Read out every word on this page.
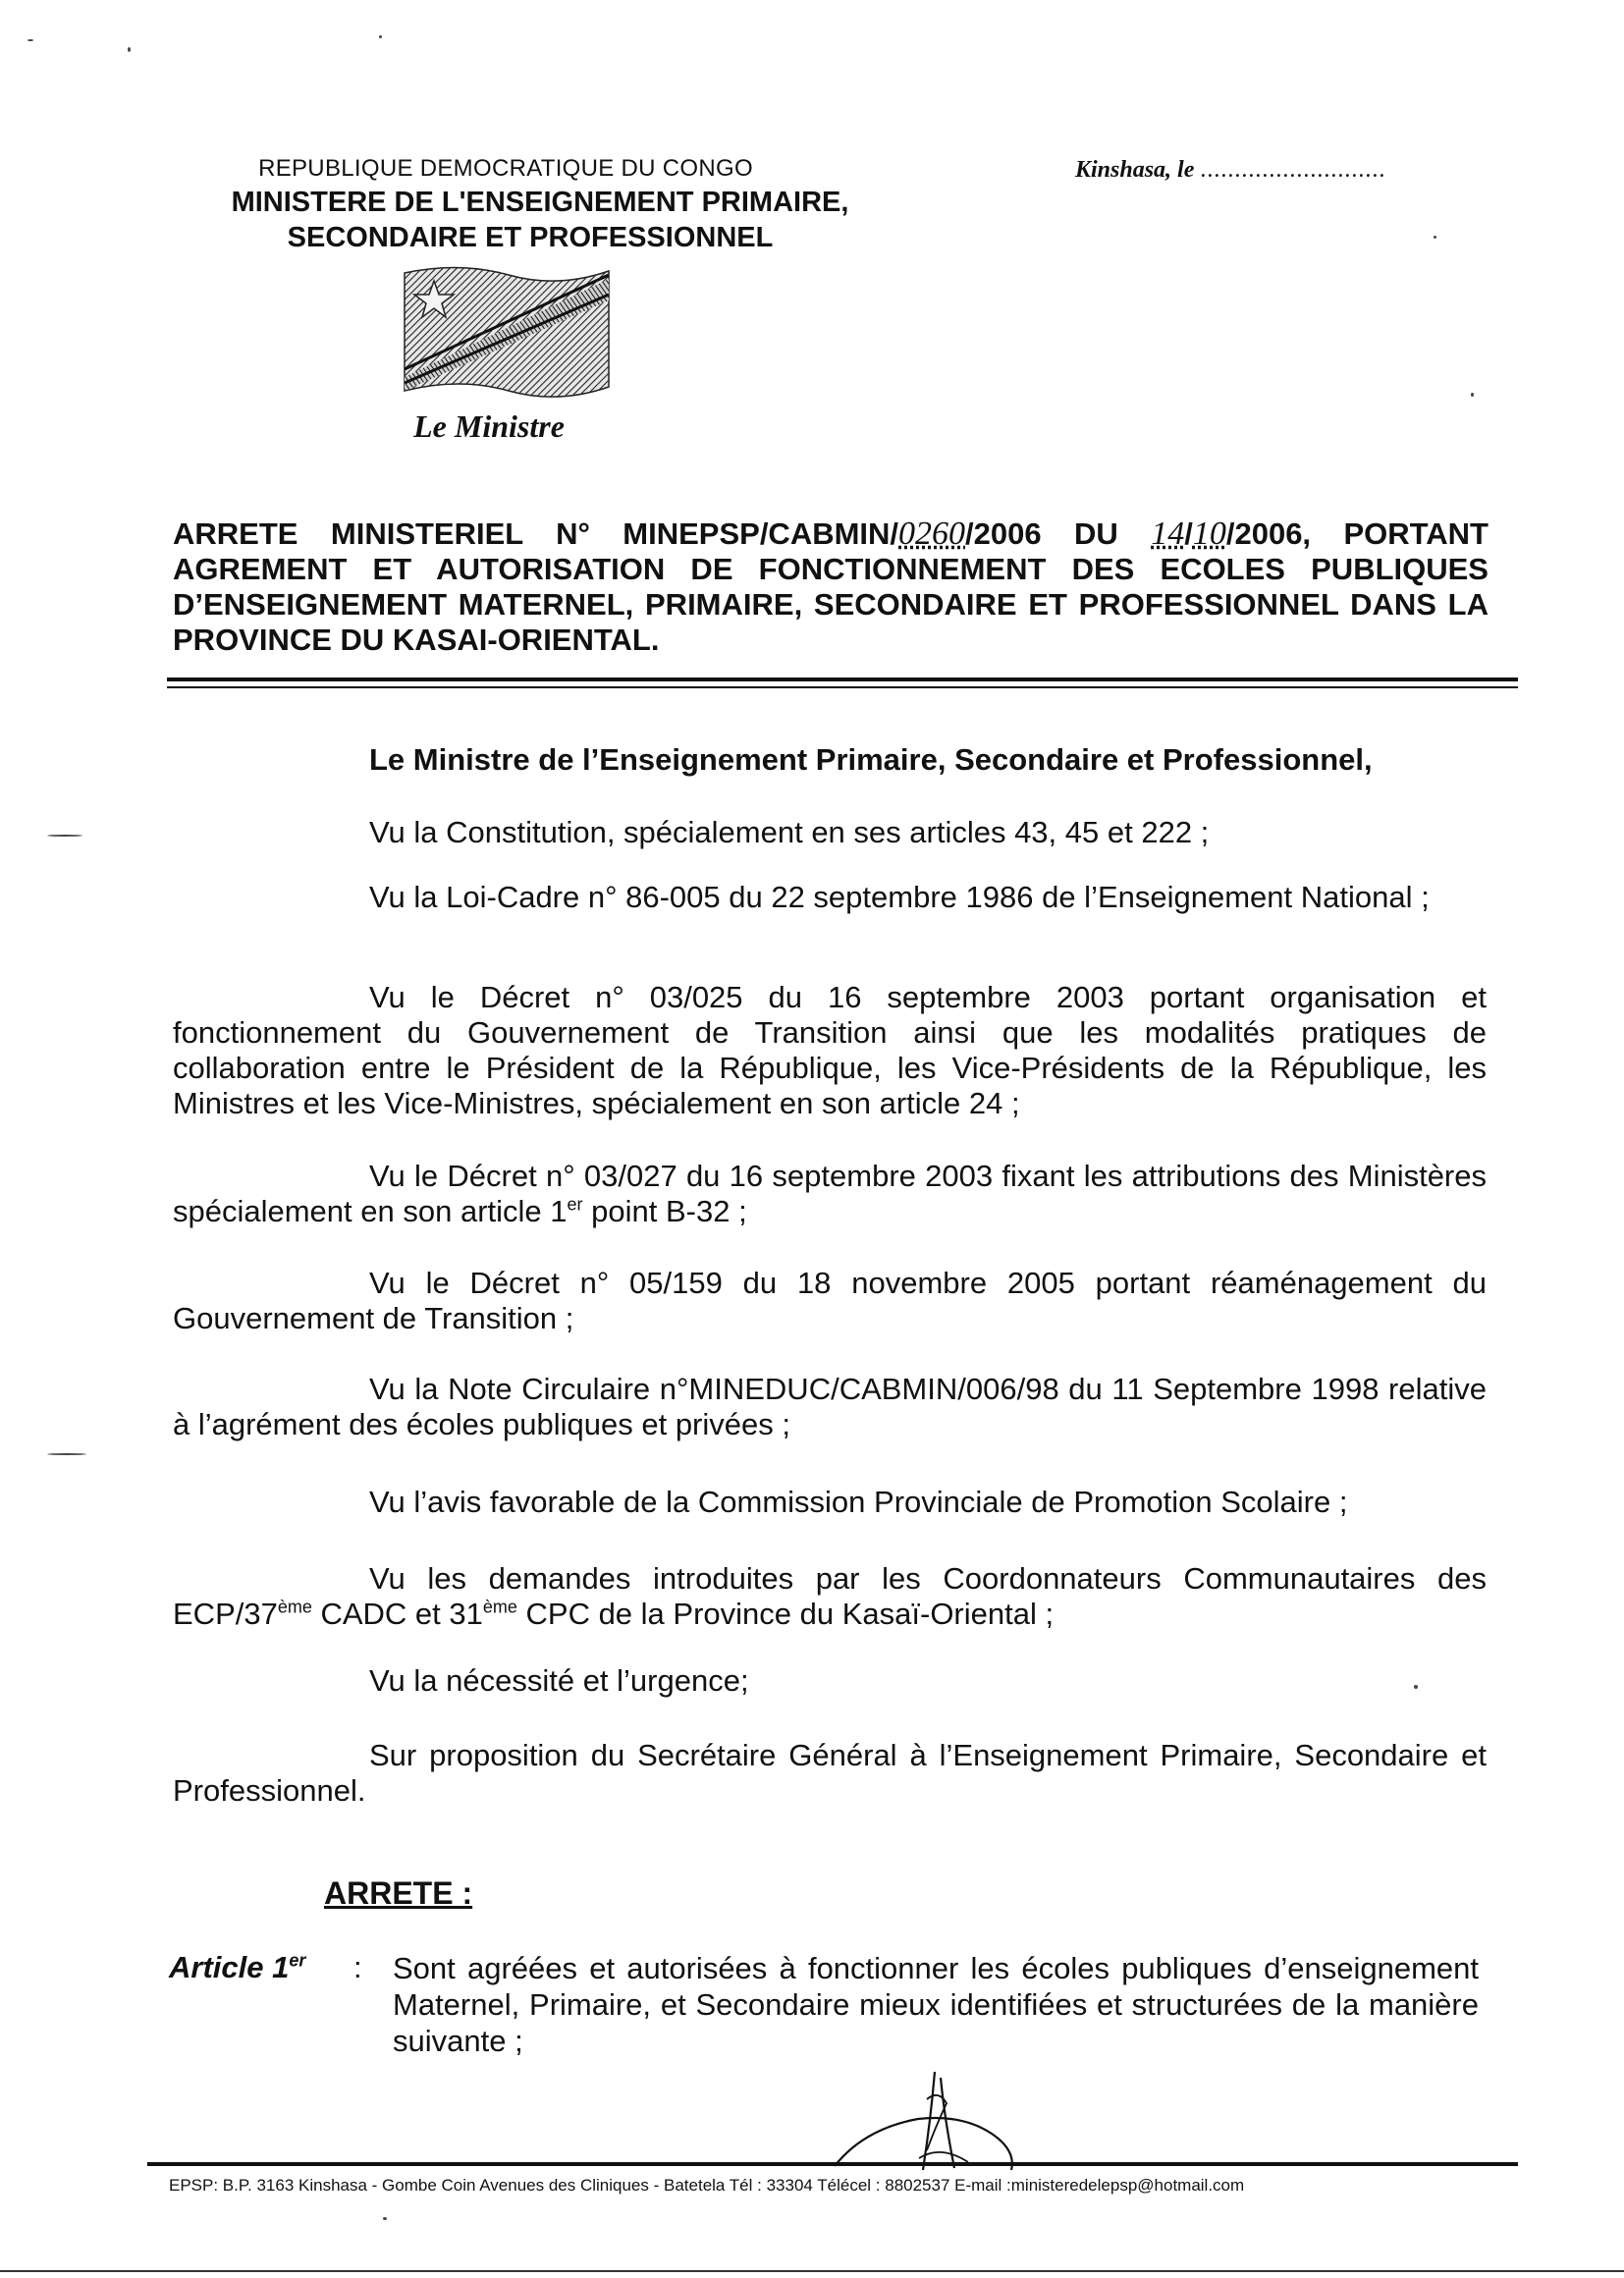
REPUBLIQUE DEMOCRATIQUE DU CONGO
MINISTERE DE L'ENSEIGNEMENT PRIMAIRE,
SECONDAIRE ET PROFESSIONNEL
Kinshasa, le ...........................
Le Ministre
ARRETE MINISTERIEL N° MINEPSP/CABMIN/0260/2006 DU 14/10/2006, PORTANT AGREMENT ET AUTORISATION DE FONCTIONNEMENT DES ECOLES PUBLIQUES D’ENSEIGNEMENT MATERNEL, PRIMAIRE, SECONDAIRE ET PROFESSIONNEL DANS LA PROVINCE DU KASAI-ORIENTAL.
Le Ministre de l’Enseignement Primaire, Secondaire et Professionnel,
Vu la Constitution, spécialement en ses articles 43, 45 et 222 ;
Vu la Loi-Cadre n° 86-005 du 22 septembre 1986 de l’Enseignement National ;
Vu le Décret n° 03/025 du 16 septembre 2003 portant organisation et fonctionnement du Gouvernement de Transition ainsi que les modalités pratiques de collaboration entre le Président de la République, les Vice-Présidents de la République, les Ministres et les Vice-Ministres, spécialement en son article 24 ;
Vu le Décret n° 03/027 du 16 septembre 2003 fixant les attributions des Ministères spécialement en son article 1er point B-32 ;
Vu le Décret n° 05/159 du 18 novembre 2005 portant réaménagement du Gouvernement de Transition ;
Vu la Note Circulaire n°MINEDUC/CABMIN/006/98 du 11 Septembre 1998 relative à l’agrément des écoles publiques et privées ;
Vu l’avis favorable de la Commission Provinciale de Promotion Scolaire ;
Vu les demandes introduites par les Coordonnateurs Communautaires des ECP/37ème CADC et 31ème CPC de la Province du Kasaï-Oriental ;
Vu la nécessité et l’urgence;
Sur proposition du Secrétaire Général à l’Enseignement Primaire, Secondaire et Professionnel.
ARRETE :
Article 1er : Sont agréées et autorisées à fonctionner les écoles publiques d’enseignement Maternel, Primaire, et Secondaire mieux identifiées et structurées de la manière suivante ;
EPSP: B.P. 3163 Kinshasa - Gombe Coin Avenues des Cliniques - Batetela Tél : 33304 Télécel : 8802537 E-mail :ministeredelepsp@hotmail.com
